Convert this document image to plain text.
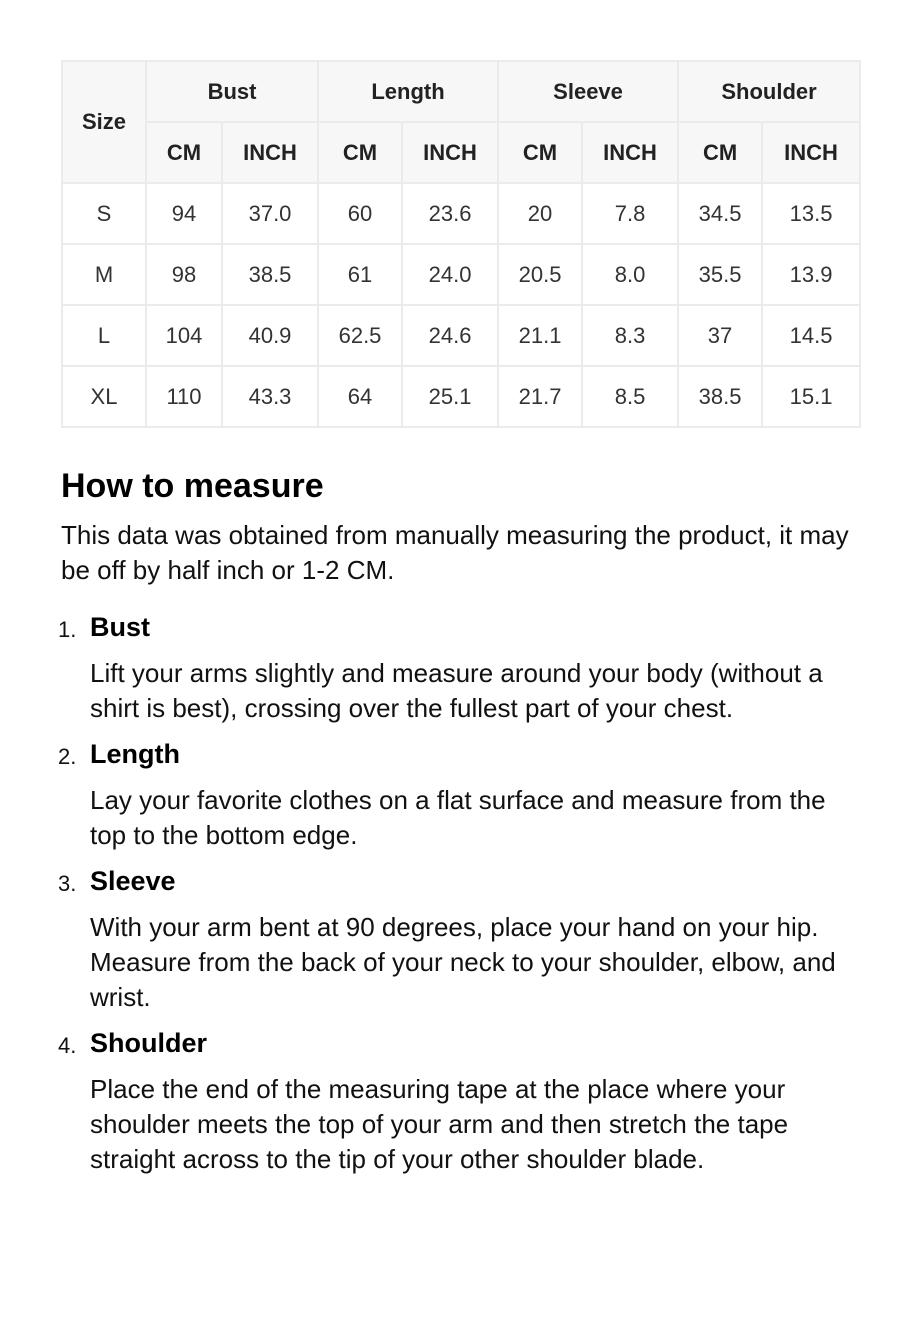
Size	Bust		Length		Sleeve		Shoulder	
	CM	INCH	CM	INCH	CM	INCH	CM	INCH
S	94	37.0	60	23.6	20	7.8	34.5	13.5
M	98	38.5	61	24.0	20.5	8.0	35.5	13.9
L	104	40.9	62.5	24.6	21.1	8.3	37	14.5
XL	110	43.3	64	25.1	21.7	8.5	38.5	15.1
How to measure

This data was obtained from manually measuring the product, it may be off by half inch or 1-2 CM.

1. Bust
Lift your arms slightly and measure around your body (without a shirt is best), crossing over the fullest part of your chest.
2. Length
Lay your favorite clothes on a flat surface and measure from the top to the bottom edge.
3. Sleeve
With your arm bent at 90 degrees, place your hand on your hip. Measure from the back of your neck to your shoulder, elbow, and wrist.
4. Shoulder
Place the end of the measuring tape at the place where your shoulder meets the top of your arm and then stretch the tape straight across to the tip of your other shoulder blade.
